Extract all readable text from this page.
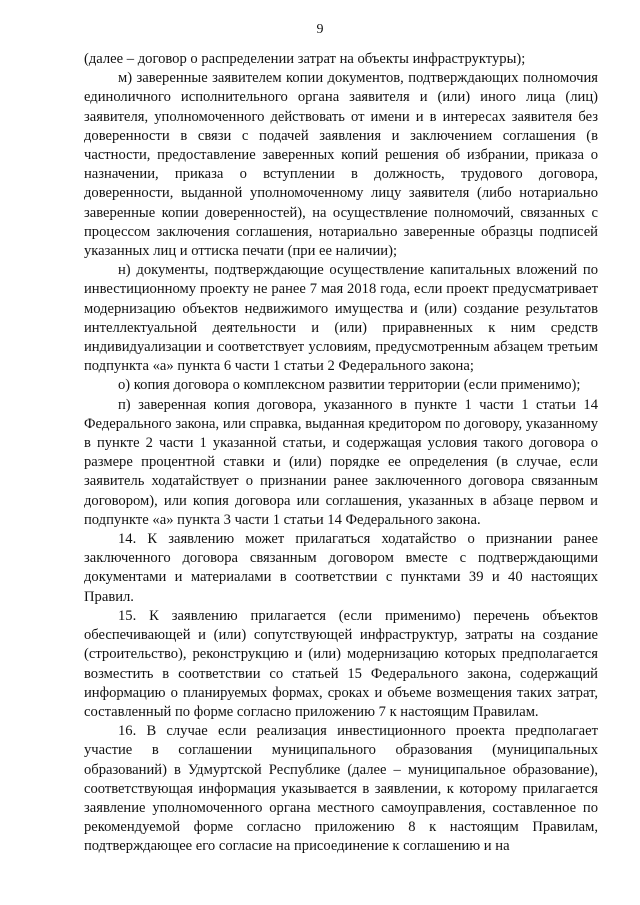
9

(далее – договор о распределении затрат на объекты инфраструктуры);

м) заверенные заявителем копии документов, подтверждающих полномочия единоличного исполнительного органа заявителя и (или) иного лица (лиц) заявителя, уполномоченного действовать от имени и в интересах заявителя без доверенности в связи с подачей заявления и заключением соглашения (в частности, предоставление заверенных копий решения об избрании, приказа о назначении, приказа о вступлении в должность, трудового договора, доверенности, выданной уполномоченному лицу заявителя (либо нотариально заверенные копии доверенностей), на осуществление полномочий, связанных с процессом заключения соглашения, нотариально заверенные образцы подписей указанных лиц и оттиска печати (при ее наличии);

н) документы, подтверждающие осуществление капитальных вложений по инвестиционному проекту не ранее 7 мая 2018 года, если проект предусматривает модернизацию объектов недвижимого имущества и (или) создание результатов интеллектуальной деятельности и (или) приравненных к ним средств индивидуализации и соответствует условиям, предусмотренным абзацем третьим подпункта «а» пункта 6 части 1 статьи 2 Федерального закона;

о) копия договора о комплексном развитии территории (если применимо);

п) заверенная копия договора, указанного в пункте 1 части 1 статьи 14 Федерального закона, или справка, выданная кредитором по договору, указанному в пункте 2 части 1 указанной статьи, и содержащая условия такого договора о размере процентной ставки и (или) порядке ее определения (в случае, если заявитель ходатайствует о признании ранее заключенного договора связанным договором), или копия договора или соглашения, указанных в абзаце первом и подпункте «а» пункта 3 части 1 статьи 14 Федерального закона.

14. К заявлению может прилагаться ходатайство о признании ранее заключенного договора связанным договором вместе с подтверждающими документами и материалами в соответствии с пунктами 39 и 40 настоящих Правил.

15. К заявлению прилагается (если применимо) перечень объектов обеспечивающей и (или) сопутствующей инфраструктур, затраты на создание (строительство), реконструкцию и (или) модернизацию которых предполагается возместить в соответствии со статьей 15 Федерального закона, содержащий информацию о планируемых формах, сроках и объеме возмещения таких затрат, составленный по форме согласно приложению 7 к настоящим Правилам.

16. В случае если реализация инвестиционного проекта предполагает участие в соглашении муниципального образования (муниципальных образований) в Удмуртской Республике (далее – муниципальное образование), соответствующая информация указывается в заявлении, к которому прилагается заявление уполномоченного органа местного самоуправления, составленное по рекомендуемой форме согласно приложению 8 к настоящим Правилам, подтверждающее его согласие на присоединение к соглашению и на
